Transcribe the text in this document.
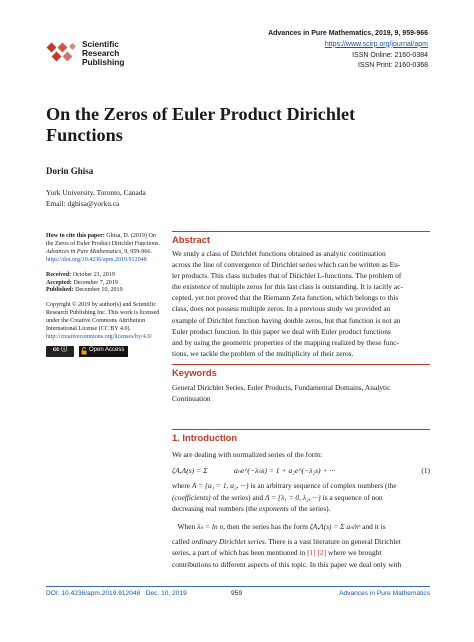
Scientific
Research
Publishing
Advances in Pure Mathematics, 2019, 9, 959-966
https://www.scirp.org/journal/apm
ISSN Online: 2160-0384
ISSN Print: 2160-0368
On the Zeros of Euler Product Dirichlet Functions
Dorin Ghisa
York University, Toronto, Canada
Email: dghisa@yorku.ca

How to cite this paper: Ghisa, D. (2019) On the Zeros of Euler Product Dirichlet Functions. Advances in Pure Mathematics, 9, 959-966. https://doi.org/10.4236/apm.2019.912048

Received: October 21, 2019
Accepted: December 7, 2019
Published: December 10, 2019

Copyright © 2019 by author(s) and Scientific Research Publishing Inc. This work is licensed under the Creative Commons Attribution International License (CC BY 4.0).
http://creativecommons.org/licenses/by/4.0/

cc ⓘ	Open Access
Abstract
We study a class of Dirichlet functions obtained as analytic continuation
across the line of convergence of Dirichlet series which can be written as Eu-
ler products. This class includes that of Dirichlet L-functions. The problem of
the existence of multiple zeros for this last class is outstanding. It is tacitly ac-
cepted, yet not proved that the Riemann Zeta function, which belongs to this
class, does not possess multiple zeros. In a previous study we provided an
example of Dirichlet function having double zeros, but that function is not an
Euler product function. In this paper we deal with Euler product functions
and by using the geometric properties of the mapping realized by these func-
tions, we tackle the problem of the multiplicity of their zeros.
Keywords
General Dirichlet Series, Euler Products, Fundamental Domains, Analytic
Continuation
1. Introduction
We are dealing with normalized series of the form:
ζA,Λ(s) = Σ	aₙe^(−λₙs) = 1 + a₂e^(−λ₂s) + ···	(1)
where A = {a₁ = 1, a₂, ···} is an arbitrary sequence of complex numbers (the
(coefficients) of the series) and Λ = {λ₁ = 0, λ₂, ···} is a sequence of non
decreasing real numbers (the exponents of the series).
When λₙ = ln n, then the series has the form ζA,Λ(s) = Σ aₙ/nˢ and it is
called ordinary Dirichlet series. There is a vast literature on general Dirichlet
series, a part of which has been mentioned in [1] [2] where we brought
contributions to different aspects of this topic. In this paper we deal only with
DOI: 10.4236/apm.2019.912048 Dec. 10, 2019	959	Advances in Pure Mathematics
